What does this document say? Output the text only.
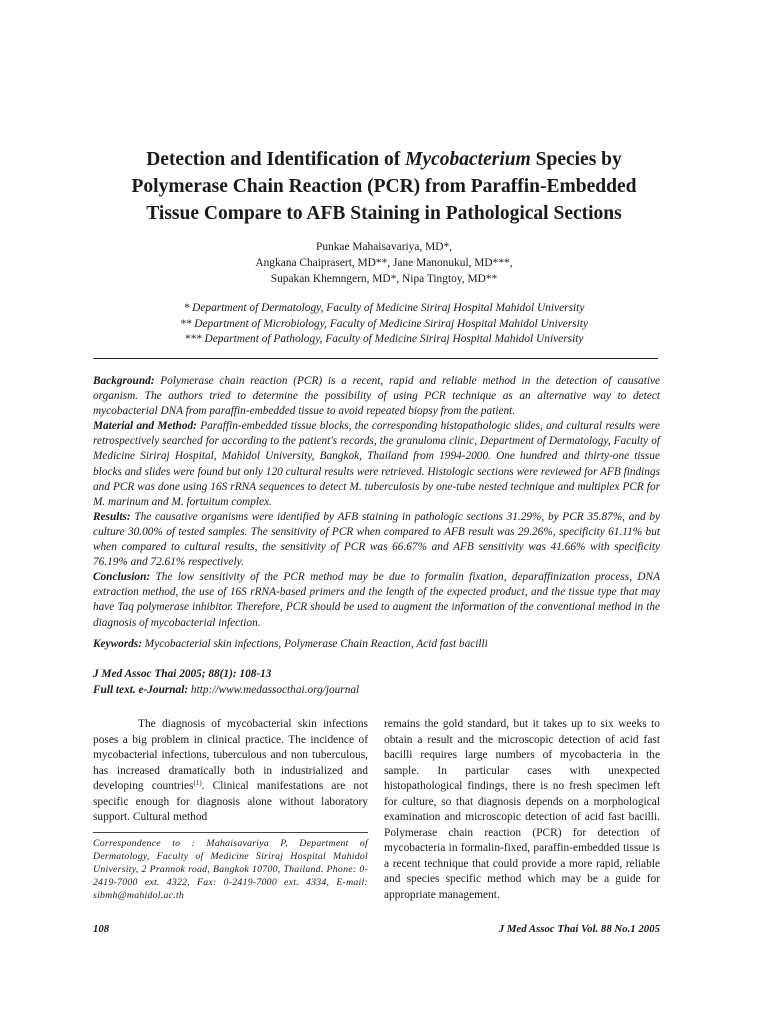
Detection and Identification of Mycobacterium Species by
Polymerase Chain Reaction (PCR) from Paraffin-Embedded
Tissue Compare to AFB Staining in Pathological Sections
Punkae Mahaisavariya, MD*,
Angkana Chaiprasert, MD**, Jane Manonukul, MD***,
Supakan Khemngern, MD*, Nipa Tingtoy, MD**
* Department of Dermatology, Faculty of Medicine Siriraj Hospital Mahidol University
** Department of Microbiology, Faculty of Medicine Siriraj Hospital Mahidol University
*** Department of Pathology, Faculty of Medicine Siriraj Hospital Mahidol University

Background: Polymerase chain reaction (PCR) is a recent, rapid and reliable method in the detection of causative organism. The authors tried to determine the possibility of using PCR technique as an alternative way to detect mycobacterial DNA from paraffin-embedded tissue to avoid repeated biopsy from the patient.

Material and Method: Paraffin-embedded tissue blocks, the corresponding histopathologic slides, and cultural results were retrospectively searched for according to the patient's records, the granuloma clinic, Department of Dermatology, Faculty of Medicine Siriraj Hospital, Mahidol University, Bangkok, Thailand from 1994-2000. One hundred and thirty-one tissue blocks and slides were found but only 120 cultural results were retrieved. Histologic sections were reviewed for AFB findings and PCR was done using 16S rRNA sequences to detect M. tuberculosis by one-tube nested technique and multiplex PCR for M. marinum and M. fortuitum complex.

Results: The causative organisms were identified by AFB staining in pathologic sections 31.29%, by PCR 35.87%, and by culture 30.00% of tested samples. The sensitivity of PCR when compared to AFB result was 29.26%, specificity 61.11% but when compared to cultural results, the sensitivity of PCR was 66.67% and AFB sensitivity was 41.66% with specificity 76.19% and 72.61% respectively.

Conclusion: The low sensitivity of the PCR method may be due to formalin fixation, deparaffinization process, DNA extraction method, the use of 16S rRNA-based primers and the length of the expected product, and the tissue type that may have Taq polymerase inhibitor. Therefore, PCR should be used to augment the information of the conventional method in the diagnosis of mycobacterial infection.

Keywords: Mycobacterial skin infections, Polymerase Chain Reaction, Acid fast bacilli
J Med Assoc Thai 2005; 88(1): 108-13
Full text. e-Journal: http://www.medassocthai.org/journal

The diagnosis of mycobacterial skin infections poses a big problem in clinical practice. The incidence of mycobacterial infections, tuberculous and non tuberculous, has increased dramatically both in industrialized and developing countries$^{(1)}$. Clinical manifestations are not specific enough for diagnosis alone without laboratory support. Cultural method

Correspondence to : Mahaisavariya P, Department of Dermatology, Faculty of Medicine Siriraj Hospital Mahidol University, 2 Prannok road, Bangkok 10700, Thailand. Phone: 0-2419-7000 ext. 4322, Fax: 0-2419-7000 ext. 4334, E-mail: sibmh@mahidol.ac.th

remains the gold standard, but it takes up to six weeks to obtain a result and the microscopic detection of acid fast bacilli requires large numbers of mycobacteria in the sample. In particular cases with unexpected histopathological findings, there is no fresh specimen left for culture, so that diagnosis depends on a morphological examination and microscopic detection of acid fast bacilli. Polymerase chain reaction (PCR) for detection of mycobacteria in formalin-fixed, paraffin-embedded tissue is a recent technique that could provide a more rapid, reliable and species specific method which may be a guide for appropriate management.

108	J Med Assoc Thai Vol. 88 No.1 2005
